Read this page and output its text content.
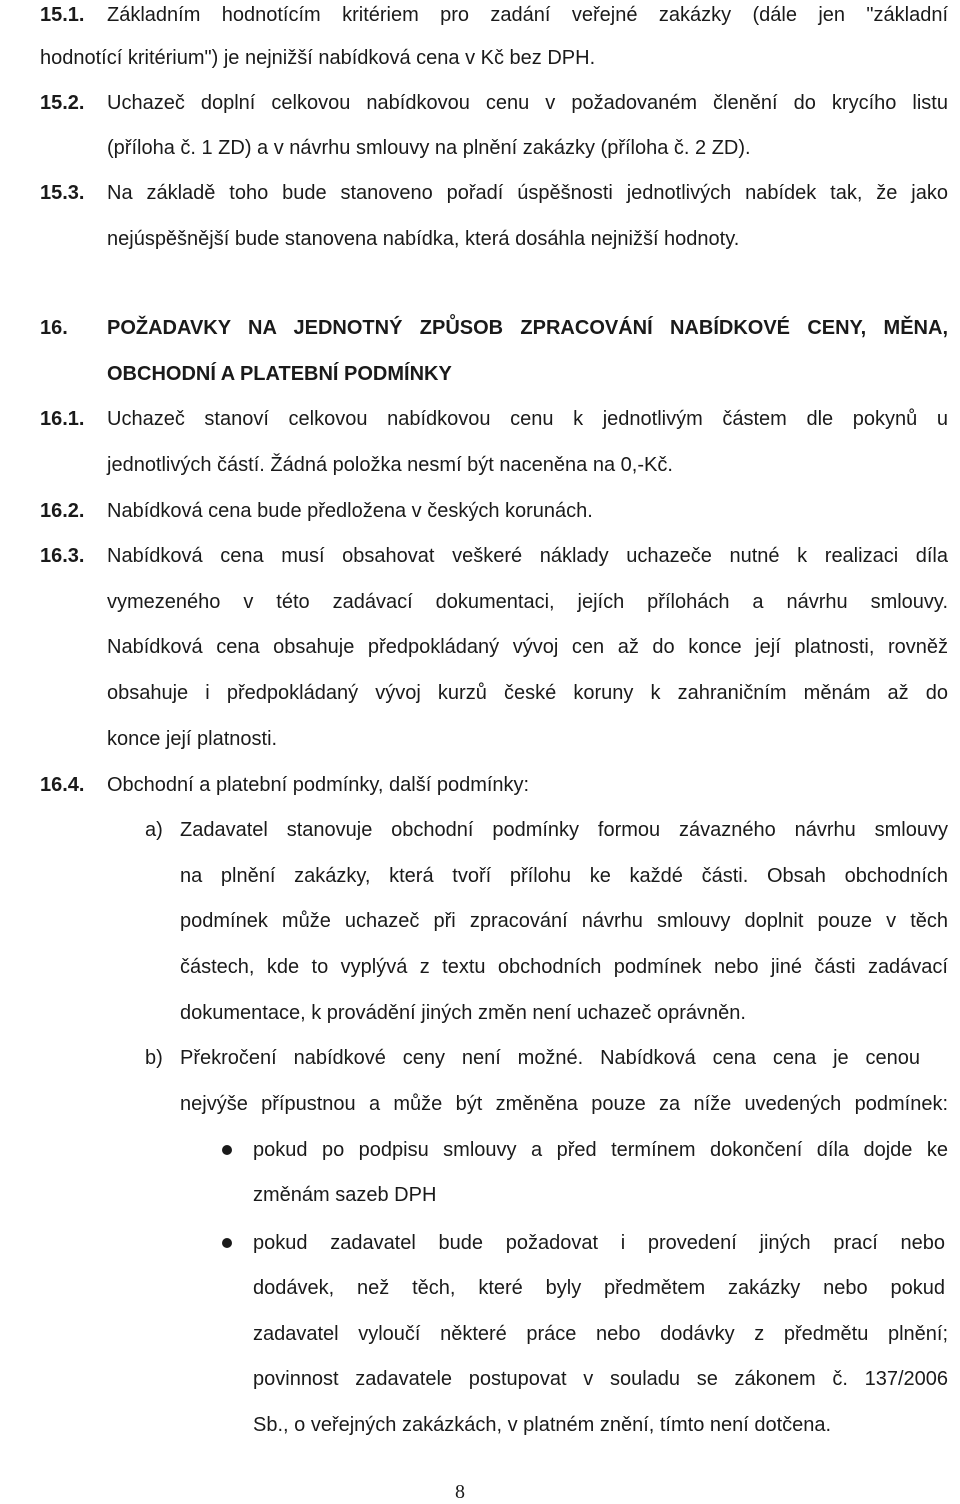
15.1. Základním hodnotícím kritériem pro zadání veřejné zakázky (dále jen "základní
hodnotící kritérium") je nejnižší nabídková cena v Kč bez DPH.
15.2. Uchazeč doplní celkovou nabídkovou cenu v požadovaném členění do krycího listu
(příloha č. 1 ZD) a v návrhu smlouvy na plnění zakázky (příloha č. 2 ZD).
15.3. Na základě toho bude stanoveno pořadí úspěšnosti jednotlivých nabídek tak, že jako
nejúspěšnější bude stanovena nabídka, která dosáhla nejnižší hodnoty.
16. POŽADAVKY NA JEDNOTNÝ ZPŮSOB ZPRACOVÁNÍ NABÍDKOVÉ CENY, MĚNA,
OBCHODNÍ A PLATEBNÍ PODMÍNKY
16.1. Uchazeč stanoví celkovou nabídkovou cenu k jednotlivým částem dle pokynů u
jednotlivých částí. Žádná položka nesmí být naceněna na 0,-Kč.
16.2. Nabídková cena bude předložena v českých korunách.
16.3. Nabídková cena musí obsahovat veškeré náklady uchazeče nutné k realizaci díla
vymezeného v této zadávací dokumentaci, jejích přílohách a návrhu smlouvy.
Nabídková cena obsahuje předpokládaný vývoj cen až do konce její platnosti, rovněž
obsahuje i předpokládaný vývoj kurzů české koruny k zahraničním měnám až do
konce její platnosti.
16.4. Obchodní a platební podmínky, další podmínky:
a) Zadavatel stanovuje obchodní podmínky formou závazného návrhu smlouvy
na plnění zakázky, která tvoří přílohu ke každé části. Obsah obchodních
podmínek může uchazeč při zpracování návrhu smlouvy doplnit pouze v těch
částech, kde to vyplývá z textu obchodních podmínek nebo jiné části zadávací
dokumentace, k provádění jiných změn není uchazeč oprávněn.
b) Překročení nabídkové ceny není možné. Nabídková cena cena je cenou
nejvýše přípustnou a může být změněna pouze za níže uvedených podmínek:
pokud po podpisu smlouvy a před termínem dokončení díla dojde ke
změnám sazeb DPH
pokud zadavatel bude požadovat i provedení jiných prací nebo
dodávek, než těch, které byly předmětem zakázky nebo pokud
zadavatel vyloučí některé práce nebo dodávky z předmětu plnění;
povinnost zadavatele postupovat v souladu se zákonem č. 137/2006
Sb., o veřejných zakázkách, v platném znění, tímto není dotčena.
8
